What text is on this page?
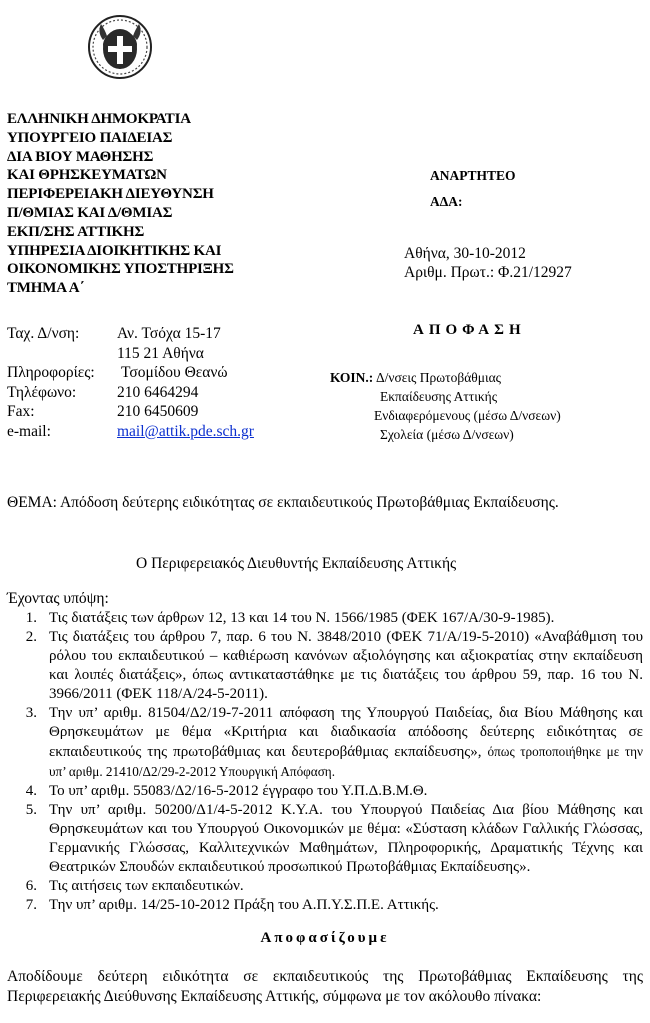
ΕΛΛΗΝΙΚΗ ΔΗΜΟΚΡΑΤΙΑ
ΥΠΟΥΡΓΕΙΟ ΠΑΙΔΕΙΑΣ
ΔΙΑ ΒΙΟΥ ΜΑΘΗΣΗΣ
ΚΑΙ ΘΡΗΣΚΕΥΜΑΤΩΝ
ΠΕΡΙΦΕΡΕΙΑΚΗ ΔΙΕΥΘΥΝΣΗ
Π/ΘΜΙΑΣ ΚΑΙ Δ/ΘΜΙΑΣ
ΕΚΠ/ΣΗΣ ΑΤΤΙΚΗΣ
ΥΠΗΡΕΣΙΑ ΔΙΟΙΚΗΤΙΚΗΣ ΚΑΙ
ΟΙΚΟΝΟΜΙΚΗΣ ΥΠΟΣΤΗΡΙΞΗΣ
ΤΜΗΜΑ Α΄
ΑΝΑΡΤΗΤΕΟ
ΑΔΑ:
Αθήνα, 30-10-2012
Αριθμ. Πρωτ.: Φ.21/12927
Ταχ. Δ/νση:	Αν. Τσόχα 15-17
115 21 Αθήνα
Πληροφορίες:	Τσομίδου Θεανώ
Τηλέφωνο:	210 6464294
Fax:	210 6450609
e-mail:	mail@attik.pde.sch.gr
ΑΠΟΦΑΣΗ
ΚΟΙΝ.: Δ/νσεις Πρωτοβάθμιας
Εκπαίδευσης Αττικής
Ενδιαφερόμενους (μέσω Δ/νσεων)
Σχολεία (μέσω Δ/νσεων)
ΘΕΜΑ: Απόδοση δεύτερης ειδικότητας σε εκπαιδευτικούς Πρωτοβάθμιας Εκπαίδευσης.
Ο Περιφερειακός Διευθυντής Εκπαίδευσης Αττικής
Έχοντας υπόψη:
1. Τις διατάξεις των άρθρων 12, 13 και 14 του Ν. 1566/1985 (ΦΕΚ 167/Α/30-9-1985).
2. Τις διατάξεις του άρθρου 7, παρ. 6 του Ν. 3848/2010 (ΦΕΚ 71/Α/19-5-2010) «Αναβάθμιση του ρόλου του εκπαιδευτικού – καθιέρωση κανόνων αξιολόγησης και αξιοκρατίας στην εκπαίδευση και λοιπές διατάξεις», όπως αντικαταστάθηκε με τις διατάξεις του άρθρου 59, παρ. 16 του Ν. 3966/2011 (ΦΕΚ 118/Α/24-5-2011).
3. Την υπ’ αριθμ. 81504/Δ2/19-7-2011 απόφαση της Υπουργού Παιδείας, δια Βίου Μάθησης και Θρησκευμάτων με θέμα «Κριτήρια και διαδικασία απόδοσης δεύτερης ειδικότητας σε εκπαιδευτικούς της πρωτοβάθμιας και δευτεροβάθμιας εκπαίδευσης», όπως τροποποιήθηκε με την υπ’ αριθμ. 21410/Δ2/29-2-2012 Υπουργική Απόφαση.
4. Το υπ’ αριθμ. 55083/Δ2/16-5-2012 έγγραφο του Υ.Π.Δ.Β.Μ.Θ.
5. Την υπ’ αριθμ. 50200/Δ1/4-5-2012 Κ.Υ.Α. του Υπουργού Παιδείας Δια βίου Μάθησης και Θρησκευμάτων και του Υπουργού Οικονομικών με θέμα: «Σύσταση κλάδων Γαλλικής Γλώσσας, Γερμανικής Γλώσσας, Καλλιτεχνικών Μαθημάτων, Πληροφορικής, Δραματικής Τέχνης και Θεατρικών Σπουδών εκπαιδευτικού προσωπικού Πρωτοβάθμιας Εκπαίδευσης».
6. Τις αιτήσεις των εκπαιδευτικών.
7. Την υπ’ αριθμ. 14/25-10-2012 Πράξη του Α.Π.Υ.Σ.Π.Ε. Αττικής.
Αποφασίζουμε
Αποδίδουμε δεύτερη ειδικότητα σε εκπαιδευτικούς της Πρωτοβάθμιας Εκπαίδευσης της Περιφερειακής Διεύθυνσης Εκπαίδευσης Αττικής, σύμφωνα με τον ακόλουθο πίνακα:
